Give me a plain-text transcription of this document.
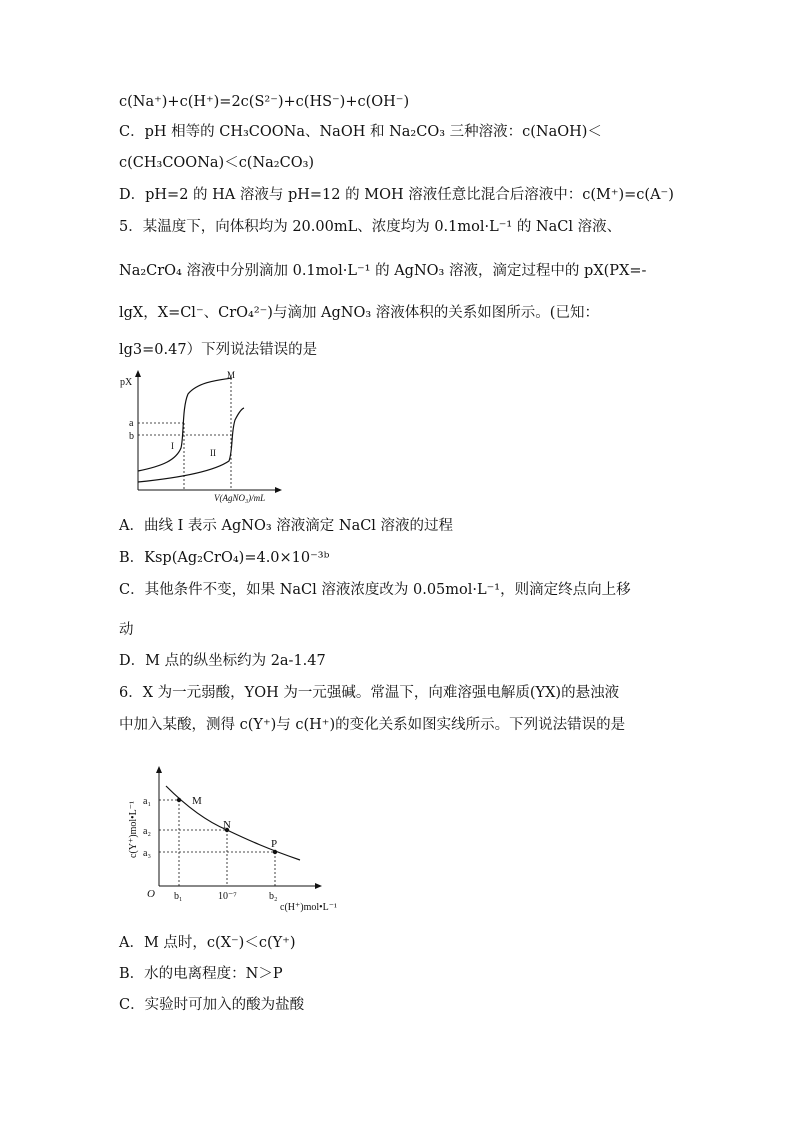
c(Na⁺)+c(H⁺)=2c(S²⁻)+c(HS⁻)+c(OH⁻)
C．pH 相等的 CH₃COONa、NaOH 和 Na₂CO₃ 三种溶液：c(NaOH)＜
c(CH₃COONa)＜c(Na₂CO₃)
D．pH=2 的 HA 溶液与 pH=12 的 MOH 溶液任意比混合后溶液中：c(M⁺)=c(A⁻)
5．某温度下，向体积均为 20.00mL、浓度均为 0.1mol·L⁻¹ 的 NaCl 溶液、
Na₂CrO₄ 溶液中分别滴加 0.1mol·L⁻¹ 的 AgNO₃ 溶液，滴定过程中的 pX(PX=-
lgX，X=Cl⁻、CrO₄²⁻)与滴加 AgNO₃ 溶液体积的关系如图所示。(已知：
lg3=0.47）下列说法错误的是
pX
V(AgNO₃)/mL
a
b
M
I
II
A．曲线 I 表示 AgNO₃ 溶液滴定 NaCl 溶液的过程
B．Ksp(Ag₂CrO₄)=4.0×10⁻³ᵇ
C．其他条件不变，如果 NaCl 溶液浓度改为 0.05mol·L⁻¹，则滴定终点向上移
动
D．M 点的纵坐标约为 2a-1.47
6．X 为一元弱酸，YOH 为一元强碱。常温下，向难溶强电解质(YX)的悬浊液
中加入某酸，测得 c(Y⁺)与 c(H⁺)的变化关系如图实线所示。下列说法错误的是
c(Y⁺)mol•L⁻¹
c(H⁺)mol•L⁻¹
O
M
N
P
a₁
a₂
a₃
b₁	10⁻⁷	b₂
A．M 点时，c(X⁻)＜c(Y⁺)
B．水的电离程度：N＞P
C．实验时可加入的酸为盐酸
